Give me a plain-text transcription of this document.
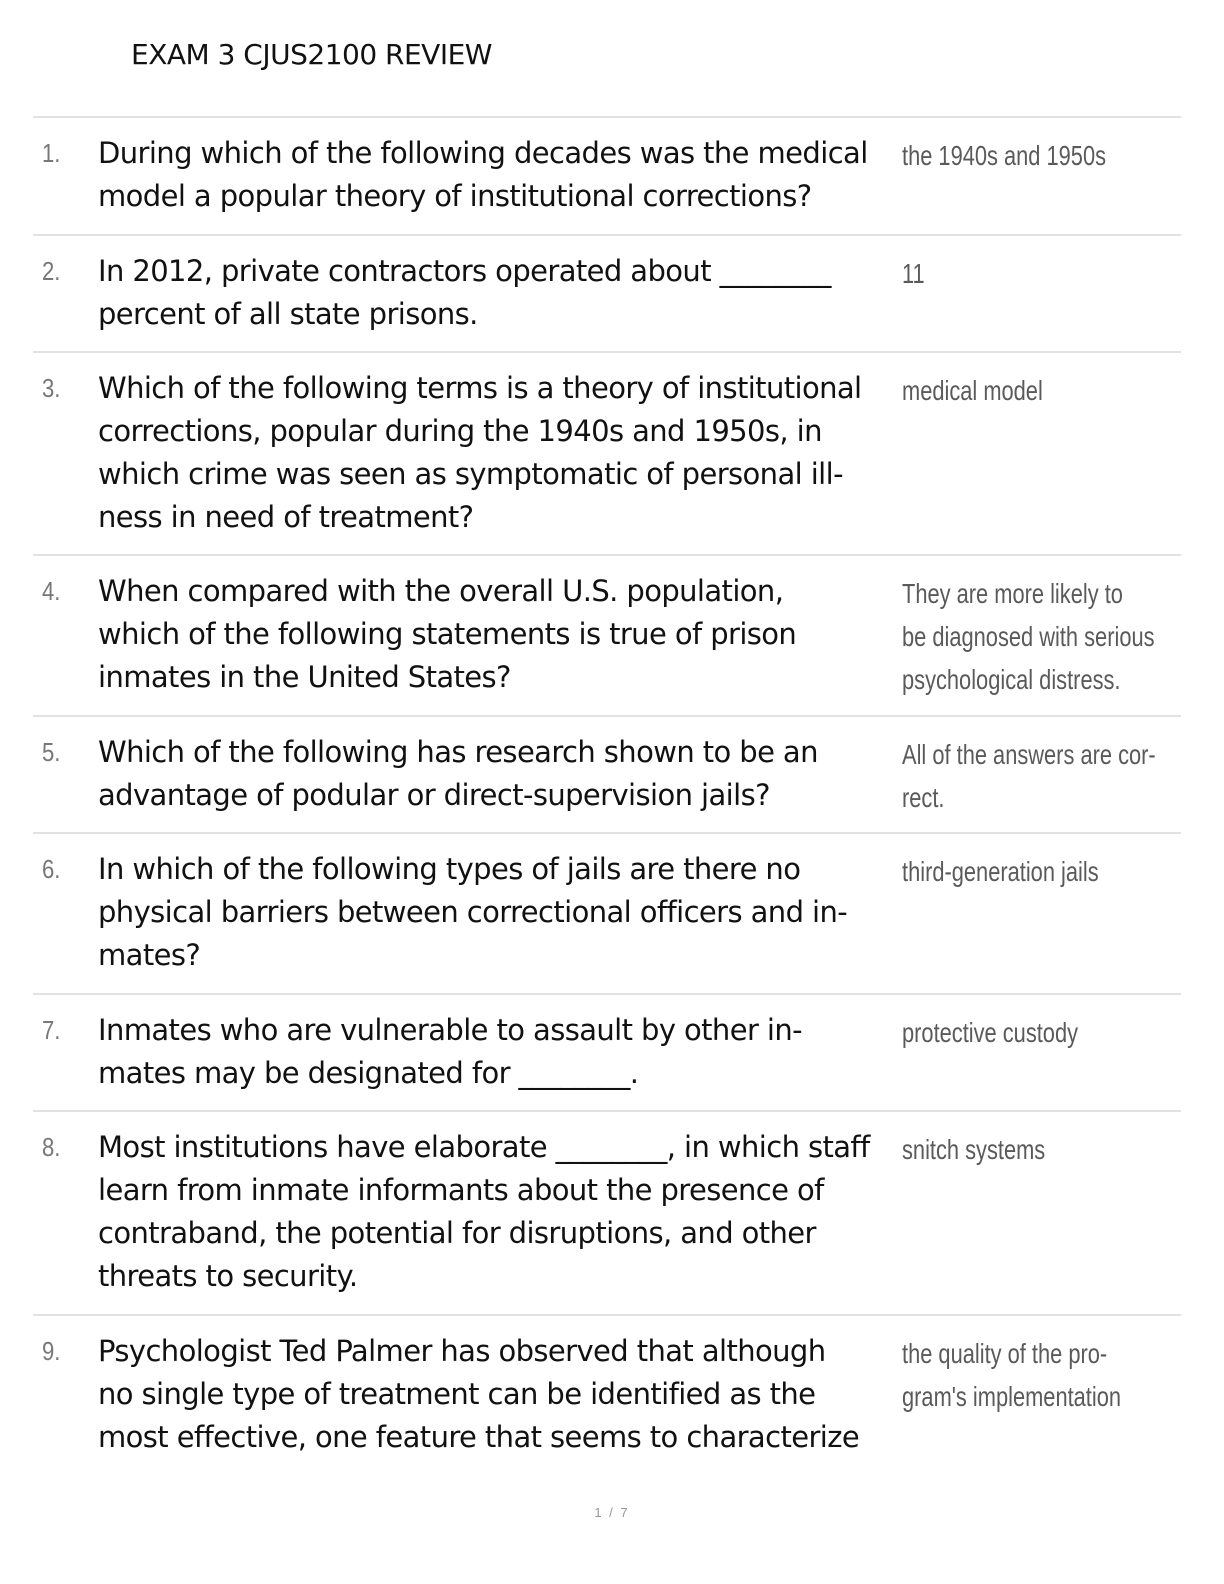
EXAM 3 CJUS2100 REVIEW
1. During which of the following decades was the medical
model a popular theory of institutional corrections?
the 1940s and 1950s
2. In 2012, private contractors operated about ________
percent of all state prisons.
11
3. Which of the following terms is a theory of institutional
corrections, popular during the 1940s and 1950s, in
which crime was seen as symptomatic of personal ill-
ness in need of treatment?
medical model
4. When compared with the overall U.S. population,
which of the following statements is true of prison
inmates in the United States?
They are more likely to
be diagnosed with serious
psychological distress.
5. Which of the following has research shown to be an
advantage of podular or direct-supervision jails?
All of the answers are cor-
rect.
6. In which of the following types of jails are there no
physical barriers between correctional officers and in-
mates?
third-generation jails
7. Inmates who are vulnerable to assault by other in-
mates may be designated for ________.
protective custody
8. Most institutions have elaborate ________, in which staff
learn from inmate informants about the presence of
contraband, the potential for disruptions, and other
threats to security.
snitch systems
9. Psychologist Ted Palmer has observed that although
no single type of treatment can be identified as the
most effective, one feature that seems to characterize
the quality of the pro-
gram's implementation
1 / 7
